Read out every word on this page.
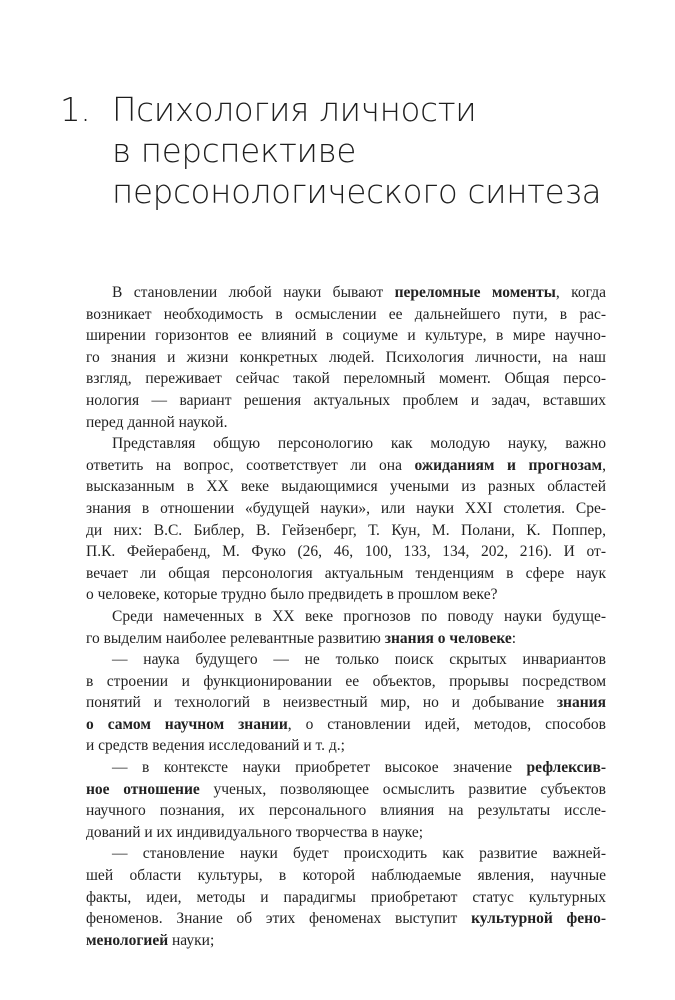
1. Психология личности
в перспективе
персонологического синтеза
В становлении любой науки бывают переломные моменты, когда
возникает необходимость в осмыслении ее дальнейшего пути, в рас-
ширении горизонтов ее влияний в социуме и культуре, в мире научно-
го знания и жизни конкретных людей. Психология личности, на наш
взгляд, переживает сейчас такой переломный момент. Общая персо-
нология — вариант решения актуальных проблем и задач, вставших
перед данной наукой.
Представляя общую персонологию как молодую науку, важно
ответить на вопрос, соответствует ли она ожиданиям и прогнозам,
высказанным в XX веке выдающимися учеными из разных областей
знания в отношении «будущей науки», или науки XXI столетия. Сре-
ди них: В.С. Библер, В. Гейзенберг, Т. Кун, М. Полани, К. Поппер,
П.К. Фейерабенд, М. Фуко (26, 46, 100, 133, 134, 202, 216). И от-
вечает ли общая персонология актуальным тенденциям в сфере наук
о человеке, которые трудно было предвидеть в прошлом веке?
Среди намеченных в XX веке прогнозов по поводу науки будуще-
го выделим наиболее релевантные развитию знания о человеке:
— наука будущего — не только поиск скрытых инвариантов
в строении и функционировании ее объектов, прорывы посредством
понятий и технологий в неизвестный мир, но и добывание знания
о самом научном знании, о становлении идей, методов, способов
и средств ведения исследований и т. д.;
— в контексте науки приобретет высокое значение рефлексив-
ное отношение ученых, позволяющее осмыслить развитие субъектов
научного познания, их персонального влияния на результаты иссле-
дований и их индивидуального творчества в науке;
— становление науки будет происходить как развитие важней-
шей области культуры, в которой наблюдаемые явления, научные
факты, идеи, методы и парадигмы приобретают статус культурных
феноменов. Знание об этих феноменах выступит культурной фено-
менологией науки;
